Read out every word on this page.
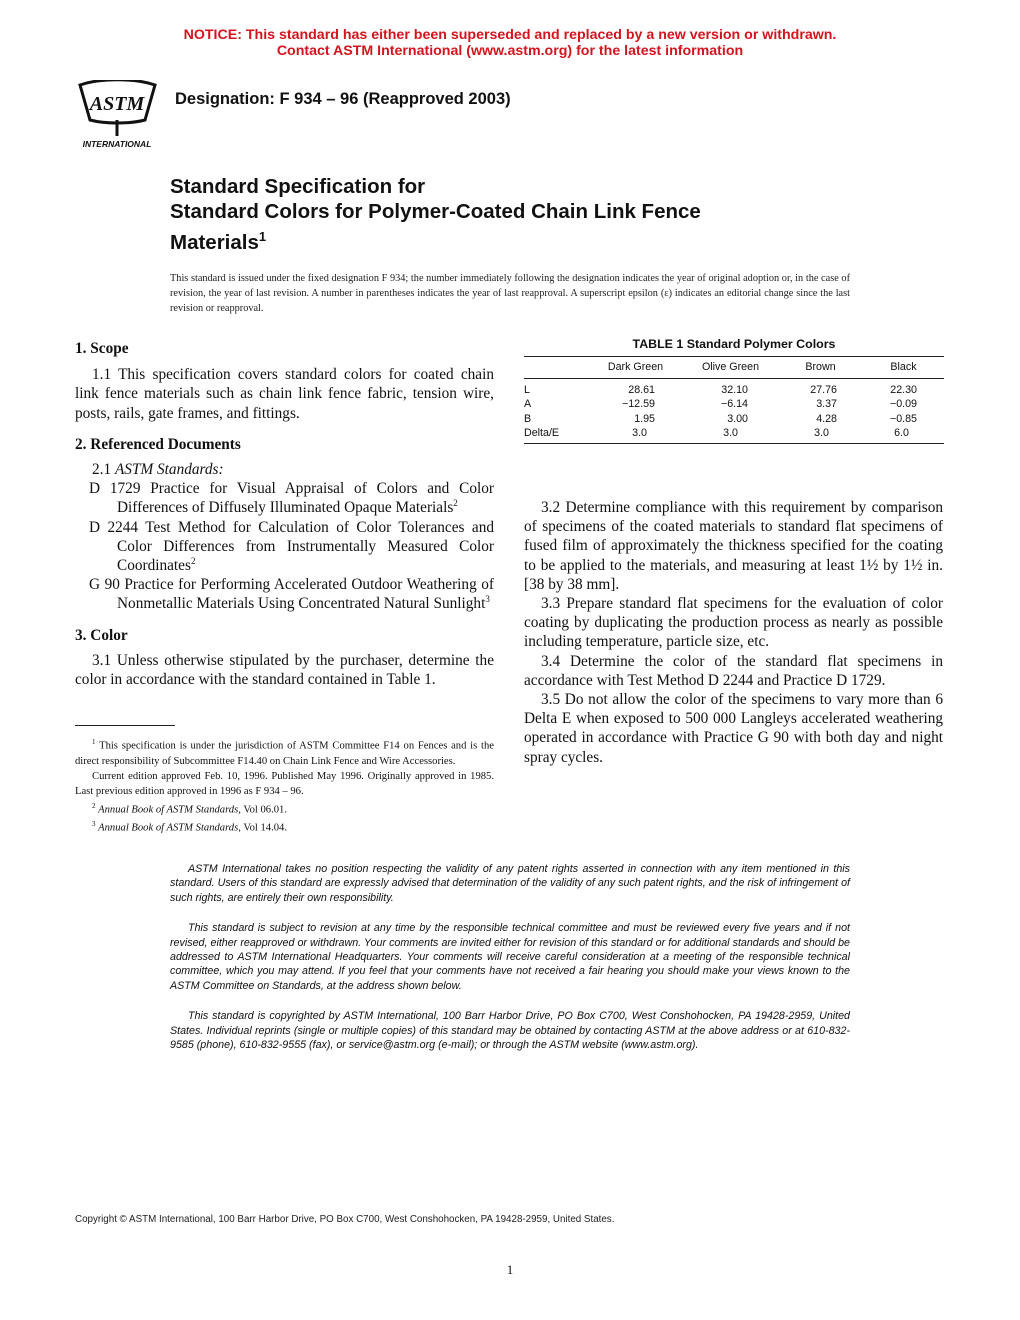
NOTICE: This standard has either been superseded and replaced by a new version or withdrawn.
Contact ASTM International (www.astm.org) for the latest information
ASTM
INTERNATIONAL
Designation: F 934 – 96 (Reapproved 2003)
Standard Specification for
Standard Colors for Polymer-Coated Chain Link Fence
Materials$^1$
This standard is issued under the fixed designation F 934; the number immediately following the designation indicates the year of original adoption or, in the case of revision, the year of last revision. A number in parentheses indicates the year of last reapproval. A superscript epsilon (ε) indicates an editorial change since the last revision or reapproval.

1. Scope

1.1 This specification covers standard colors for coated chain link fence materials such as chain link fence fabric, tension wire, posts, rails, gate frames, and fittings.

2. Referenced Documents

2.1 ASTM Standards:

D 1729 Practice for Visual Appraisal of Colors and Color Differences of Diffusely Illuminated Opaque Materials$^2$

D 2244 Test Method for Calculation of Color Tolerances and Color Differences from Instrumentally Measured Color Coordinates$^2$

G 90 Practice for Performing Accelerated Outdoor Weathering of Nonmetallic Materials Using Concentrated Natural Sunlight$^3$

3. Color

3.1 Unless otherwise stipulated by the purchaser, determine the color in accordance with the standard contained in Table 1.

$^1$ This specification is under the jurisdiction of ASTM Committee F14 on Fences and is the direct responsibility of Subcommittee F14.40 on Chain Link Fence and Wire Accessories.

Current edition approved Feb. 10, 1996. Published May 1996. Originally approved in 1985. Last previous edition approved in 1996 as F 934 – 96.

$^2$ Annual Book of ASTM Standards, Vol 06.01.

$^3$ Annual Book of ASTM Standards, Vol 14.04.

TABLE 1 Standard Polymer Colors
	Dark Green	Olive Green	Brown	Black
L	28.61	32.10	27.76	22.30
A	−12.59	−6.14	3.37	−0.09
B	1.95	3.00	4.28	−0.85
Delta/E	3.0	3.0	3.0	6.0

3.2 Determine compliance with this requirement by comparison of specimens of the coated materials to standard flat specimens of fused film of approximately the thickness specified for the coating to be applied to the materials, and measuring at least 1½ by 1½ in. [38 by 38 mm].

3.3 Prepare standard flat specimens for the evaluation of color coating by duplicating the production process as nearly as possible including temperature, particle size, etc.

3.4 Determine the color of the standard flat specimens in accordance with Test Method D 2244 and Practice D 1729.

3.5 Do not allow the color of the specimens to vary more than 6 Delta E when exposed to 500 000 Langleys accelerated weathering operated in accordance with Practice G 90 with both day and night spray cycles.

ASTM International takes no position respecting the validity of any patent rights asserted in connection with any item mentioned in this standard. Users of this standard are expressly advised that determination of the validity of any such patent rights, and the risk of infringement of such rights, are entirely their own responsibility.

This standard is subject to revision at any time by the responsible technical committee and must be reviewed every five years and if not revised, either reapproved or withdrawn. Your comments are invited either for revision of this standard or for additional standards and should be addressed to ASTM International Headquarters. Your comments will receive careful consideration at a meeting of the responsible technical committee, which you may attend. If you feel that your comments have not received a fair hearing you should make your views known to the ASTM Committee on Standards, at the address shown below.

This standard is copyrighted by ASTM International, 100 Barr Harbor Drive, PO Box C700, West Conshohocken, PA 19428-2959, United States. Individual reprints (single or multiple copies) of this standard may be obtained by contacting ASTM at the above address or at 610-832-9585 (phone), 610-832-9555 (fax), or service@astm.org (e-mail); or through the ASTM website (www.astm.org).

Copyright © ASTM International, 100 Barr Harbor Drive, PO Box C700, West Conshohocken, PA 19428-2959, United States.
1
